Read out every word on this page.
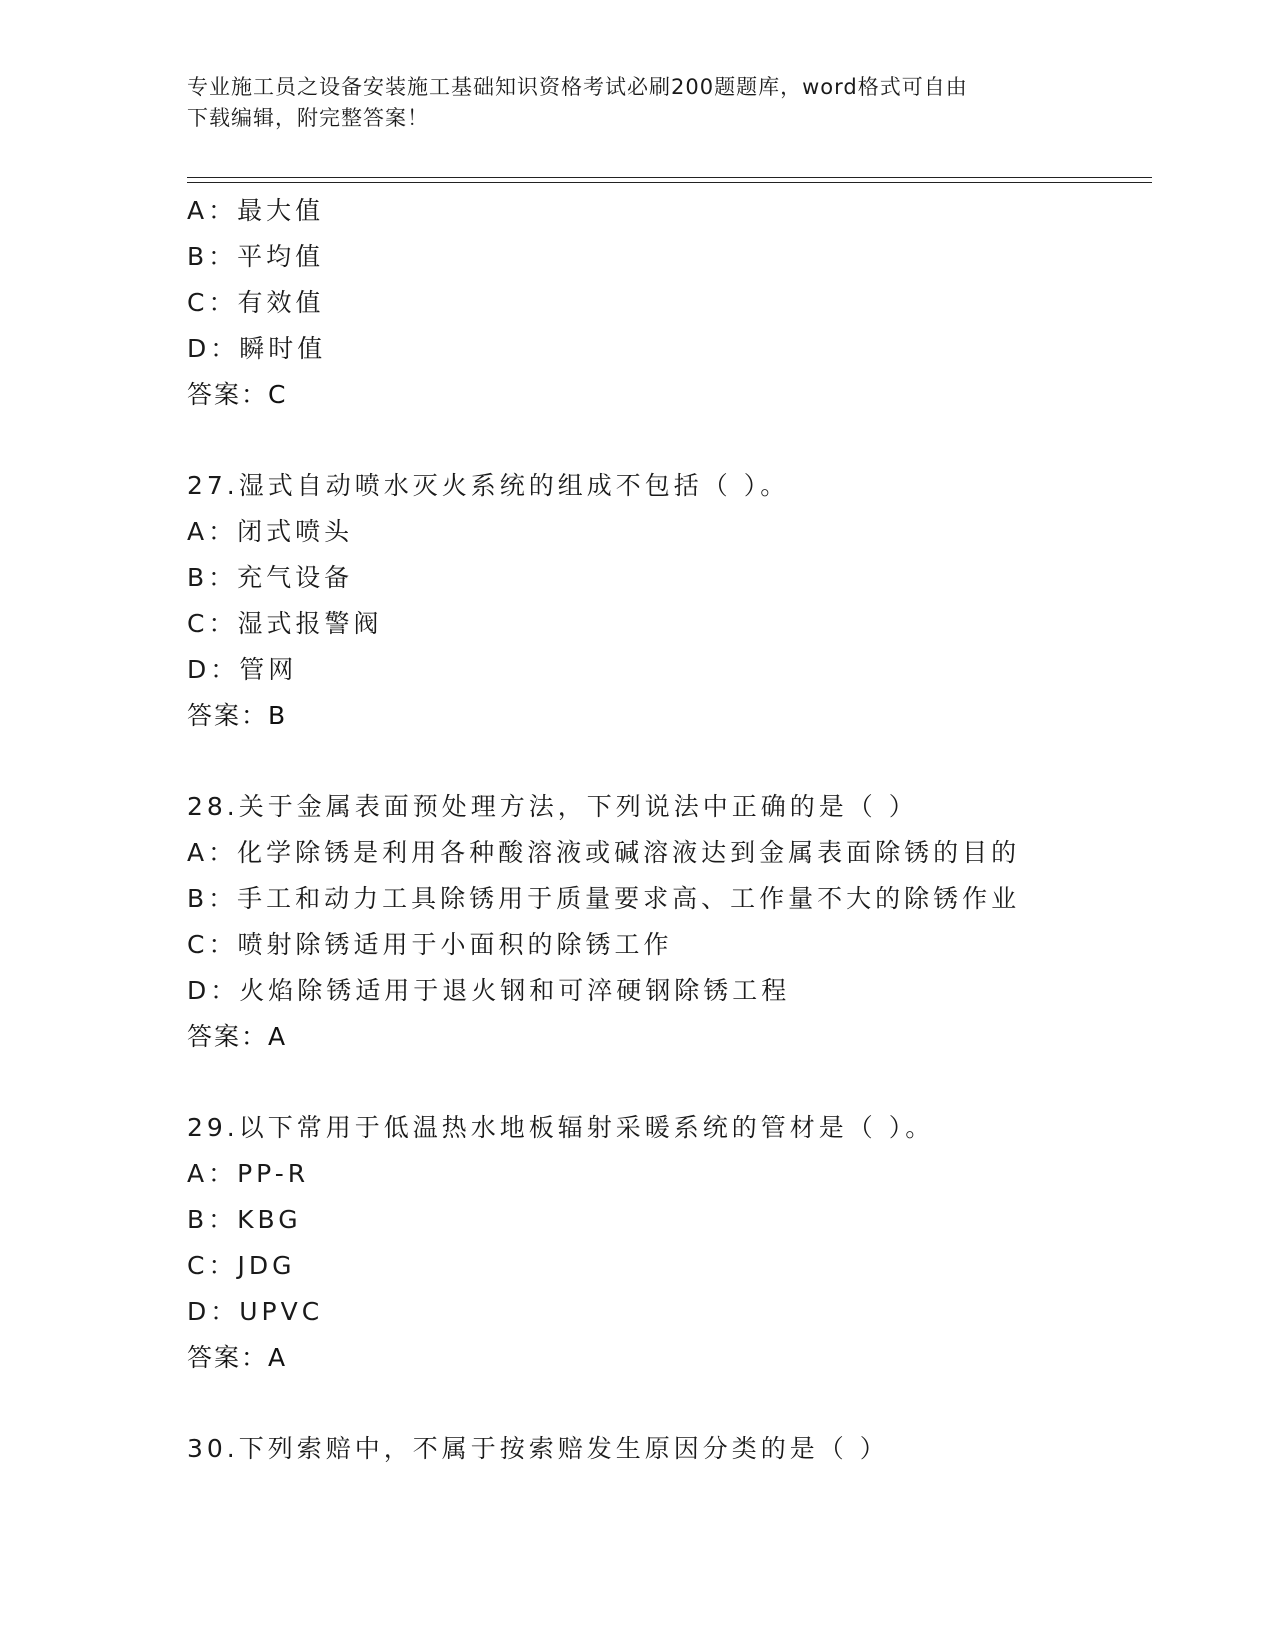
专业施工员之设备安装施工基础知识资格考试必刷200题题库，word格式可自由
下载编辑，附完整答案！
A：最大值
B：平均值
C：有效值
D：瞬时值
答案：C
27.湿式自动喷水灭火系统的组成不包括（ ）。
A：闭式喷头
B：充气设备
C：湿式报警阀
D：管网
答案：B
28.关于金属表面预处理方法，下列说法中正确的是（ ）
A：化学除锈是利用各种酸溶液或碱溶液达到金属表面除锈的目的
B：手工和动力工具除锈用于质量要求高、工作量不大的除锈作业
C：喷射除锈适用于小面积的除锈工作
D：火焰除锈适用于退火钢和可淬硬钢除锈工程
答案：A
29.以下常用于低温热水地板辐射采暖系统的管材是（ ）。
A：PP-R
B：KBG
C：JDG
D：UPVC
答案：A
30.下列索赔中，不属于按索赔发生原因分类的是（ ）
